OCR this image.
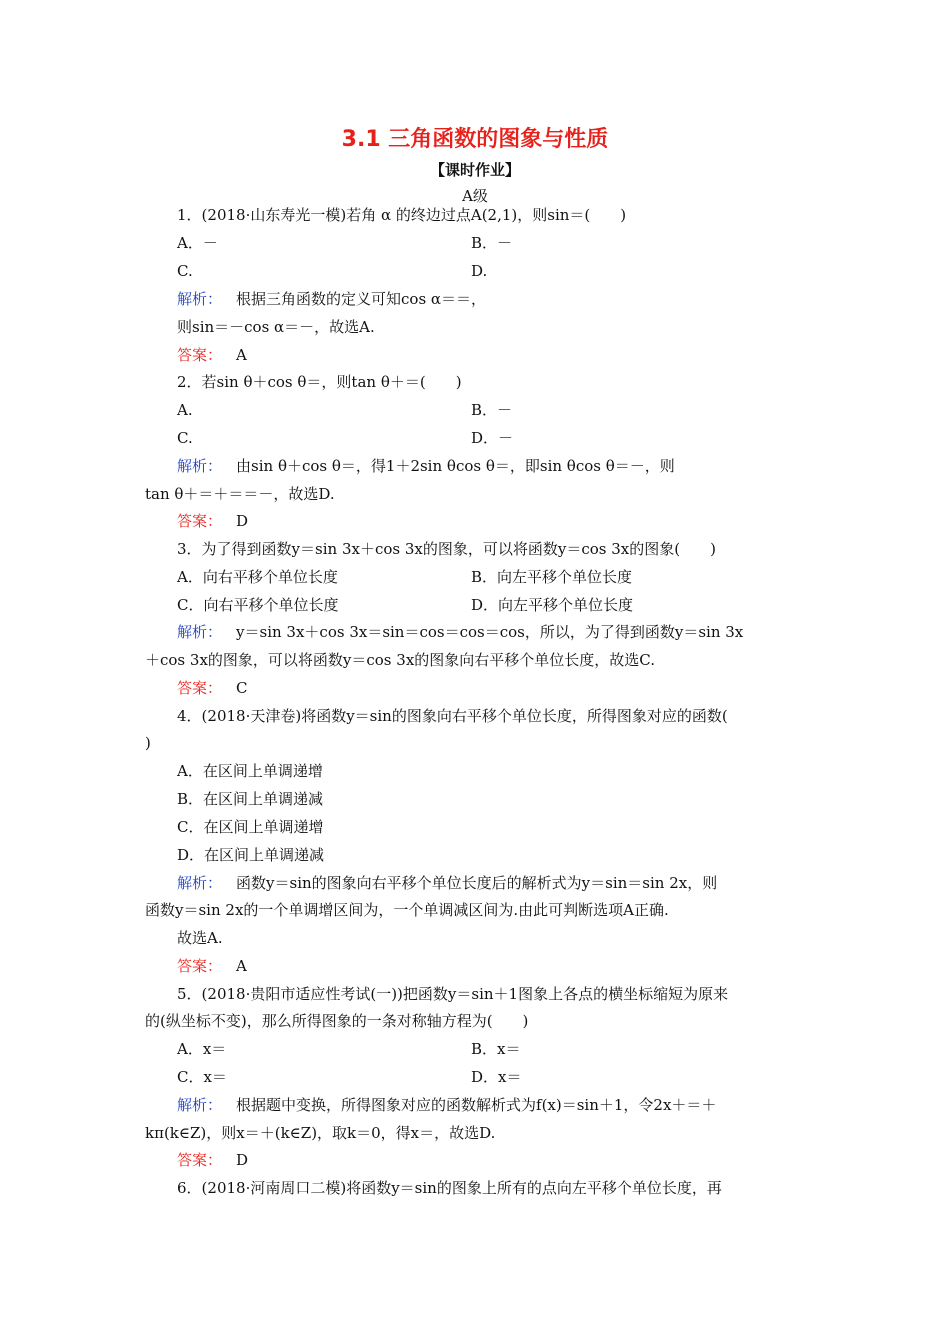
3.1 三角函数的图象与性质
【课时作业】
A级
1．(2018·山东寿光一模)若角 α 的终边过点A(2,1)，则sin＝(　　)
A．－	B．－
C.	D.
解析： 根据三角函数的定义可知cos α＝＝，
则sin＝－cos α＝－，故选A.
答案： A
2．若sin θ＋cos θ＝，则tan θ＋＝(　　)
A.	B．－
C.	D．－
解析： 由sin θ＋cos θ＝，得1＋2sin θcos θ＝，即sin θcos θ＝－，则
tan θ＋＝＋＝＝－，故选D.
答案： D
3．为了得到函数y＝sin 3x＋cos 3x的图象，可以将函数y＝cos 3x的图象(　　)
A．向右平移个单位长度	B．向左平移个单位长度
C．向右平移个单位长度	D．向左平移个单位长度
解析： y＝sin 3x＋cos 3x＝sin＝cos＝cos＝cos，所以，为了得到函数y＝sin 3x
＋cos 3x的图象，可以将函数y＝cos 3x的图象向右平移个单位长度，故选C.
答案： C
4．(2018·天津卷)将函数y＝sin的图象向右平移个单位长度，所得图象对应的函数(
)
A．在区间上单调递增
B．在区间上单调递减
C．在区间上单调递增
D．在区间上单调递减
解析： 函数y＝sin的图象向右平移个单位长度后的解析式为y＝sin＝sin 2x，则
函数y＝sin 2x的一个单调增区间为，一个单调减区间为.由此可判断选项A正确.
故选A.
答案： A
5．(2018·贵阳市适应性考试(一))把函数y＝sin＋1图象上各点的横坐标缩短为原来
的(纵坐标不变)，那么所得图象的一条对称轴方程为(　　)
A．x＝	B．x＝
C．x＝	D．x＝
解析： 根据题中变换，所得图象对应的函数解析式为f(x)＝sin＋1，令2x＋＝＋
kπ(k∈Z)，则x＝＋(k∈Z)，取k＝0，得x＝，故选D.
答案： D
6．(2018·河南周口二模)将函数y＝sin的图象上所有的点向左平移个单位长度，再
